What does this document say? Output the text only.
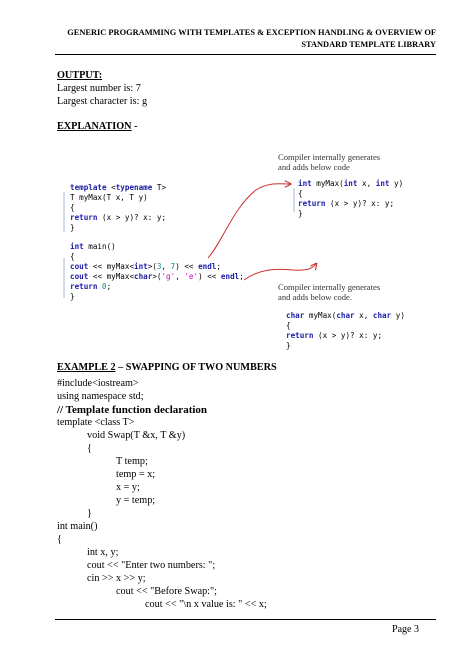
GENERIC PROGRAMMING WITH TEMPLATES & EXCEPTION HANDLING & OVERVIEW OF
STANDARD TEMPLATE LIBRARY
OUTPUT:
Largest number is: 7
Largest character is: g
EXPLANATION -
template <typename T>
T myMax(T x, T y)
{
return (x > y)? x: y;
}
int main()
{
cout << myMax<int>(3, 7) << endl;
cout << myMax<char>('g', 'e') << endl;
return 0;
}
Compiler internally generates
and adds below code
int myMax(int x, int y)
{
return (x > y)? x: y;
}
Compiler internally generates
and adds below code.
char myMax(char x, char y)
{
return (x > y)? x: y;
}
EXAMPLE 2 – SWAPPING OF TWO NUMBERS
#include<iostream>
using namespace std;
// Template function declaration
template <class T>
void Swap(T &x, T &y)
{
T temp;
temp = x;
x = y;
y = temp;
}
int main()
{
int x, y;
cout << "Enter two numbers: ";
cin >> x >> y;
cout << "Before Swap:";
cout << "\n x value is: " << x;
Page 3
